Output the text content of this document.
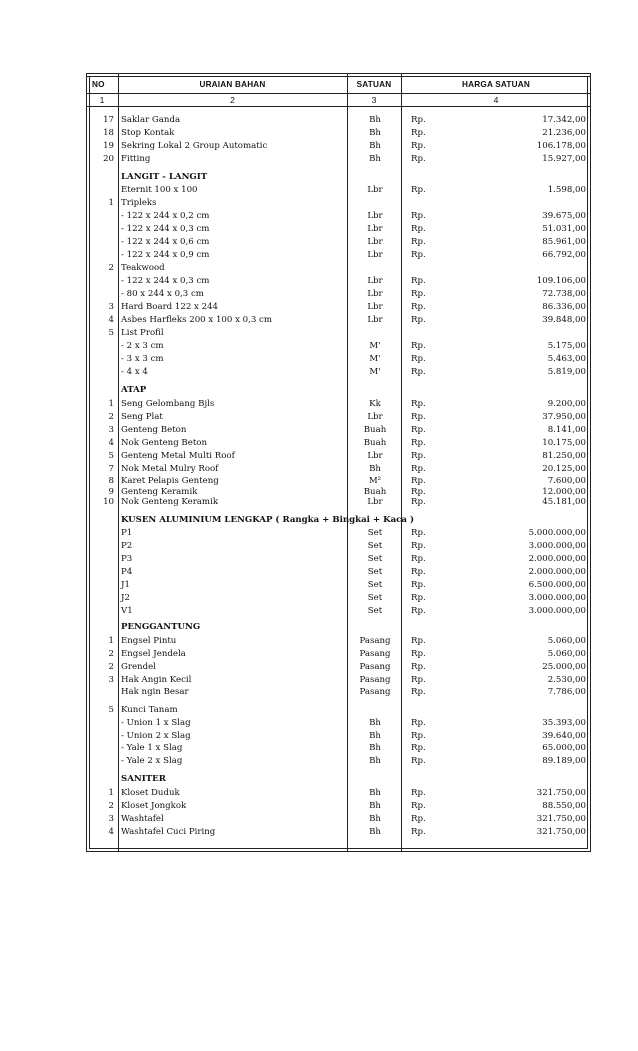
NO	URAIAN BAHAN	SATUAN	HARGA SATUAN
1	2	3	4
17 Saklar Ganda	Bh	Rp.	17.342,00
18 Stop Kontak	Bh	Rp.	21.236,00
19 Sekring Lokal 2 Group Automatic	Bh	Rp.	106.178,00
20 Fitting	Bh	Rp.	15.927,00
LANGIT - LANGIT
Eternit 100 x 100	Lbr	Rp.	1.598,00
1 Tripleks
- 122 x 244 x 0,2 cm	Lbr	Rp.	39.675,00
- 122 x 244 x 0,3 cm	Lbr	Rp.	51.031,00
- 122 x 244 x 0,6 cm	Lbr	Rp.	85.961,00
- 122 x 244 x 0,9 cm	Lbr	Rp.	66.792,00
2 Teakwood
- 122 x 244 x 0,3 cm	Lbr	Rp.	109.106,00
- 80 x 244 x 0,3 cm	Lbr	Rp.	72.738,00
3 Hard Board 122 x 244	Lbr	Rp.	86.336,00
4 Asbes Harfleks 200 x 100 x 0,3 cm	Lbr	Rp.	39.848,00
5 List Profil
- 2 x 3 cm	M'	Rp.	5.175,00
- 3 x 3 cm	M'	Rp.	5.463,00
- 4 x 4	M'	Rp.	5.819,00
ATAP
1 Seng Gelombang Bjls	Kk	Rp.	9.200,00
2 Seng Plat	Lbr	Rp.	37.950,00
3 Genteng Beton	Buah	Rp.	8.141,00
4 Nok Genteng Beton	Buah	Rp.	10.175,00
5 Genteng Metal Multi Roof	Lbr	Rp.	81.250,00
7 Nok Metal Mulry Roof	Bh	Rp.	20.125,00
8 Karet Pelapis Genteng	M²	Rp.	7.600,00
9 Genteng Keramik	Buah	Rp.	12.000,00
10 Nok Genteng Keramik	Lbr	Rp.	45.181,00
KUSEN ALUMINIUM LENGKAP ( Rangka + Bingkai + Kaca )
P1	Set	Rp.	5.000.000,00
P2	Set	Rp.	3.000.000,00
P3	Set	Rp.	2.000.000,00
P4	Set	Rp.	2.000.000,00
J1	Set	Rp.	6.500.000,00
J2	Set	Rp.	3.000.000,00
V1	Set	Rp.	3.000.000,00
PENGGANTUNG
1 Engsel Pintu	Pasang	Rp.	5.060,00
2 Engsel Jendela	Pasang	Rp.	5.060,00
2 Grendel	Pasang	Rp.	25.000,00
3 Hak Angin Kecil	Pasang	Rp.	2.530,00
Hak ngin Besar	Pasang	Rp.	7.786,00
5 Kunci Tanam
- Union 1 x Slag	Bh	Rp.	35.393,00
- Union 2 x Slag	Bh	Rp.	39.640,00
- Yale 1 x Slag	Bh	Rp.	65.000,00
- Yale 2 x Slag	Bh	Rp.	89.189,00
SANITER
1 Kloset Duduk	Bh	Rp.	321.750,00
2 Kloset Jongkok	Bh	Rp.	88.550,00
3 Washtafel	Bh	Rp.	321.750,00
4 Washtafel Cuci Piring	Bh	Rp.	321.750,00
